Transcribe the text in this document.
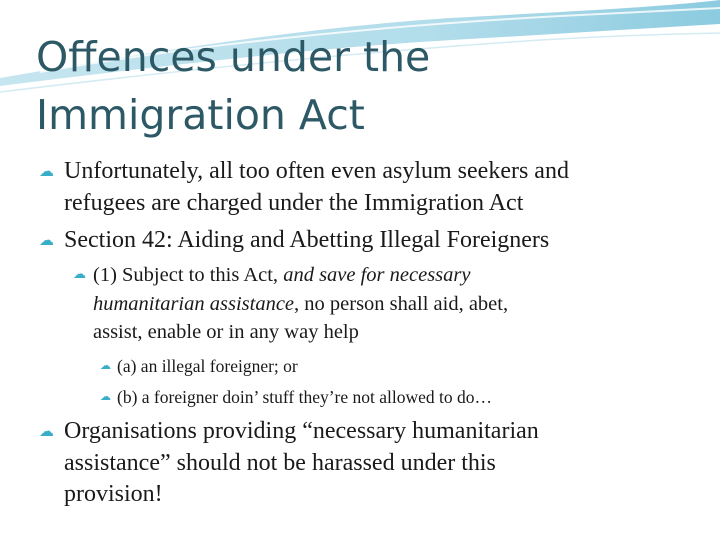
Offences under the
Immigration Act
☁ Unfortunately, all too often even asylum seekers and
refugees are charged under the Immigration Act
☁ Section 42: Aiding and Abetting Illegal Foreigners
☁ (1) Subject to this Act, and save for necessary
humanitarian assistance, no person shall aid, abet,
assist, enable or in any way help
☁ (a) an illegal foreigner; or
☁ (b) a foreigner doin’ stuff they’re not allowed to do…
☁ Organisations providing “necessary humanitarian
assistance” should not be harassed under this
provision!
